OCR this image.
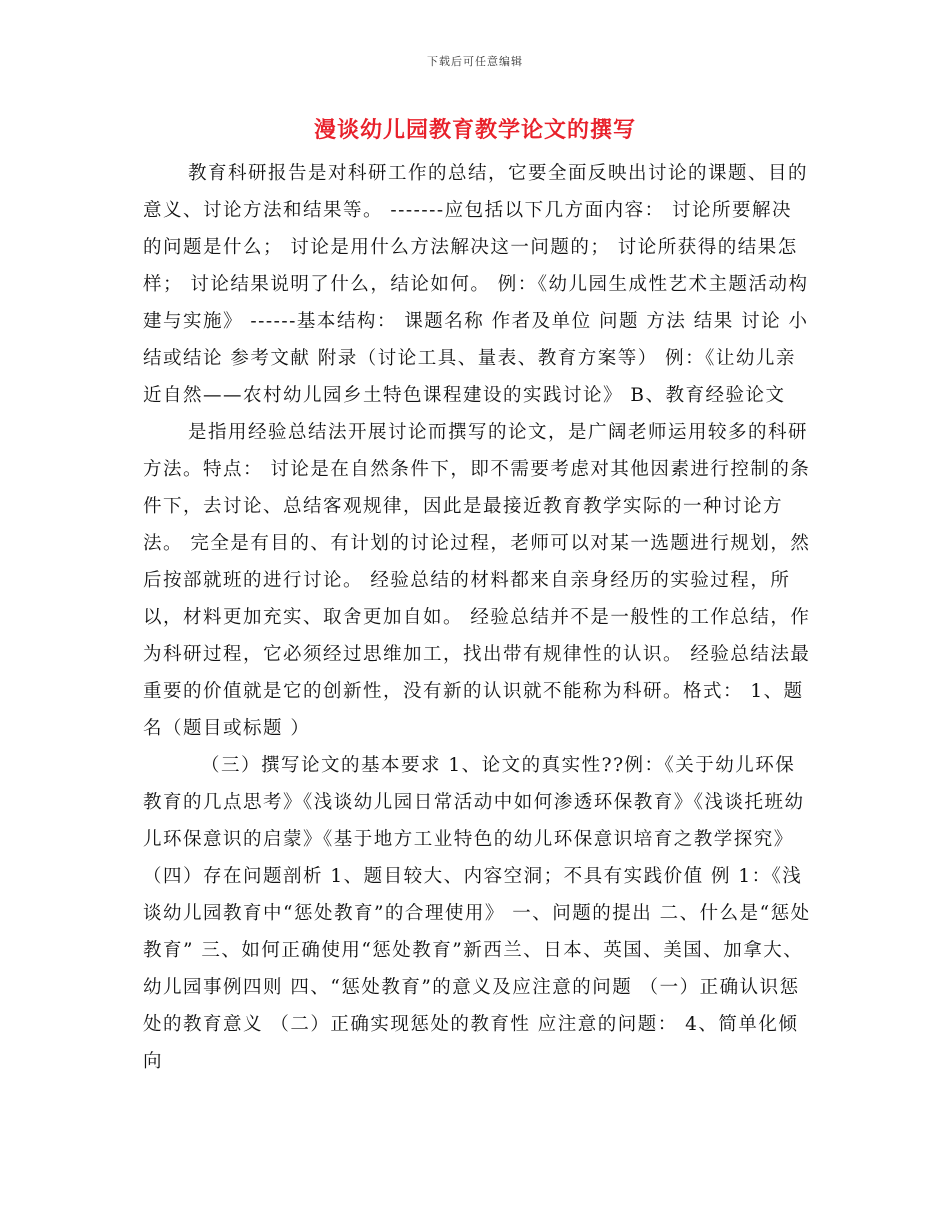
下载后可任意编辑
漫谈幼儿园教育教学论文的撰写

教育科研报告是对科研工作的总结，它要全面反映出讨论的课题、目的意义、讨论方法和结果等。 -------应包括以下几方面内容： 讨论所要解决的问题是什么； 讨论是用什么方法解决这一问题的； 讨论所获得的结果怎样； 讨论结果说明了什么，结论如何。 例：《幼儿园生成性艺术主题活动构建与实施》 ------基本结构： 课题名称 作者及单位 问题 方法 结果 讨论 小结或结论 参考文献 附录（讨论工具、量表、教育方案等） 例：《让幼儿亲近自然——农村幼儿园乡土特色课程建设的实践讨论》 B、教育经验论文

是指用经验总结法开展讨论而撰写的论文，是广阔老师运用较多的科研方法。特点： 讨论是在自然条件下，即不需要考虑对其他因素进行控制的条件下，去讨论、总结客观规律，因此是最接近教育教学实际的一种讨论方法。 完全是有目的、有计划的讨论过程，老师可以对某一选题进行规划，然后按部就班的进行讨论。 经验总结的材料都来自亲身经历的实验过程，所以，材料更加充实、取舍更加自如。 经验总结并不是一般性的工作总结，作为科研过程，它必须经过思维加工，找出带有规律性的认识。 经验总结法最重要的价值就是它的创新性，没有新的认识就不能称为科研。格式： 1、题名（题目或标题 ）

（三）撰写论文的基本要求 1、论文的真实性??例：《关于幼儿环保教育的几点思考》《浅谈幼儿园日常活动中如何渗透环保教育》《浅谈托班幼儿环保意识的启蒙》《基于地方工业特色的幼儿环保意识培育之教学探究》 （四）存在问题剖析 1、题目较大、内容空洞；不具有实践价值 例 1：《浅谈幼儿园教育中“惩处教育”的合理使用》 一、问题的提出 二、什么是“惩处教育” 三、如何正确使用“惩处教育”新西兰、日本、英国、美国、加拿大、幼儿园事例四则 四、“惩处教育”的意义及应注意的问题 （一）正确认识惩处的教育意义 （二）正确实现惩处的教育性 应注意的问题： 4、简单化倾向
